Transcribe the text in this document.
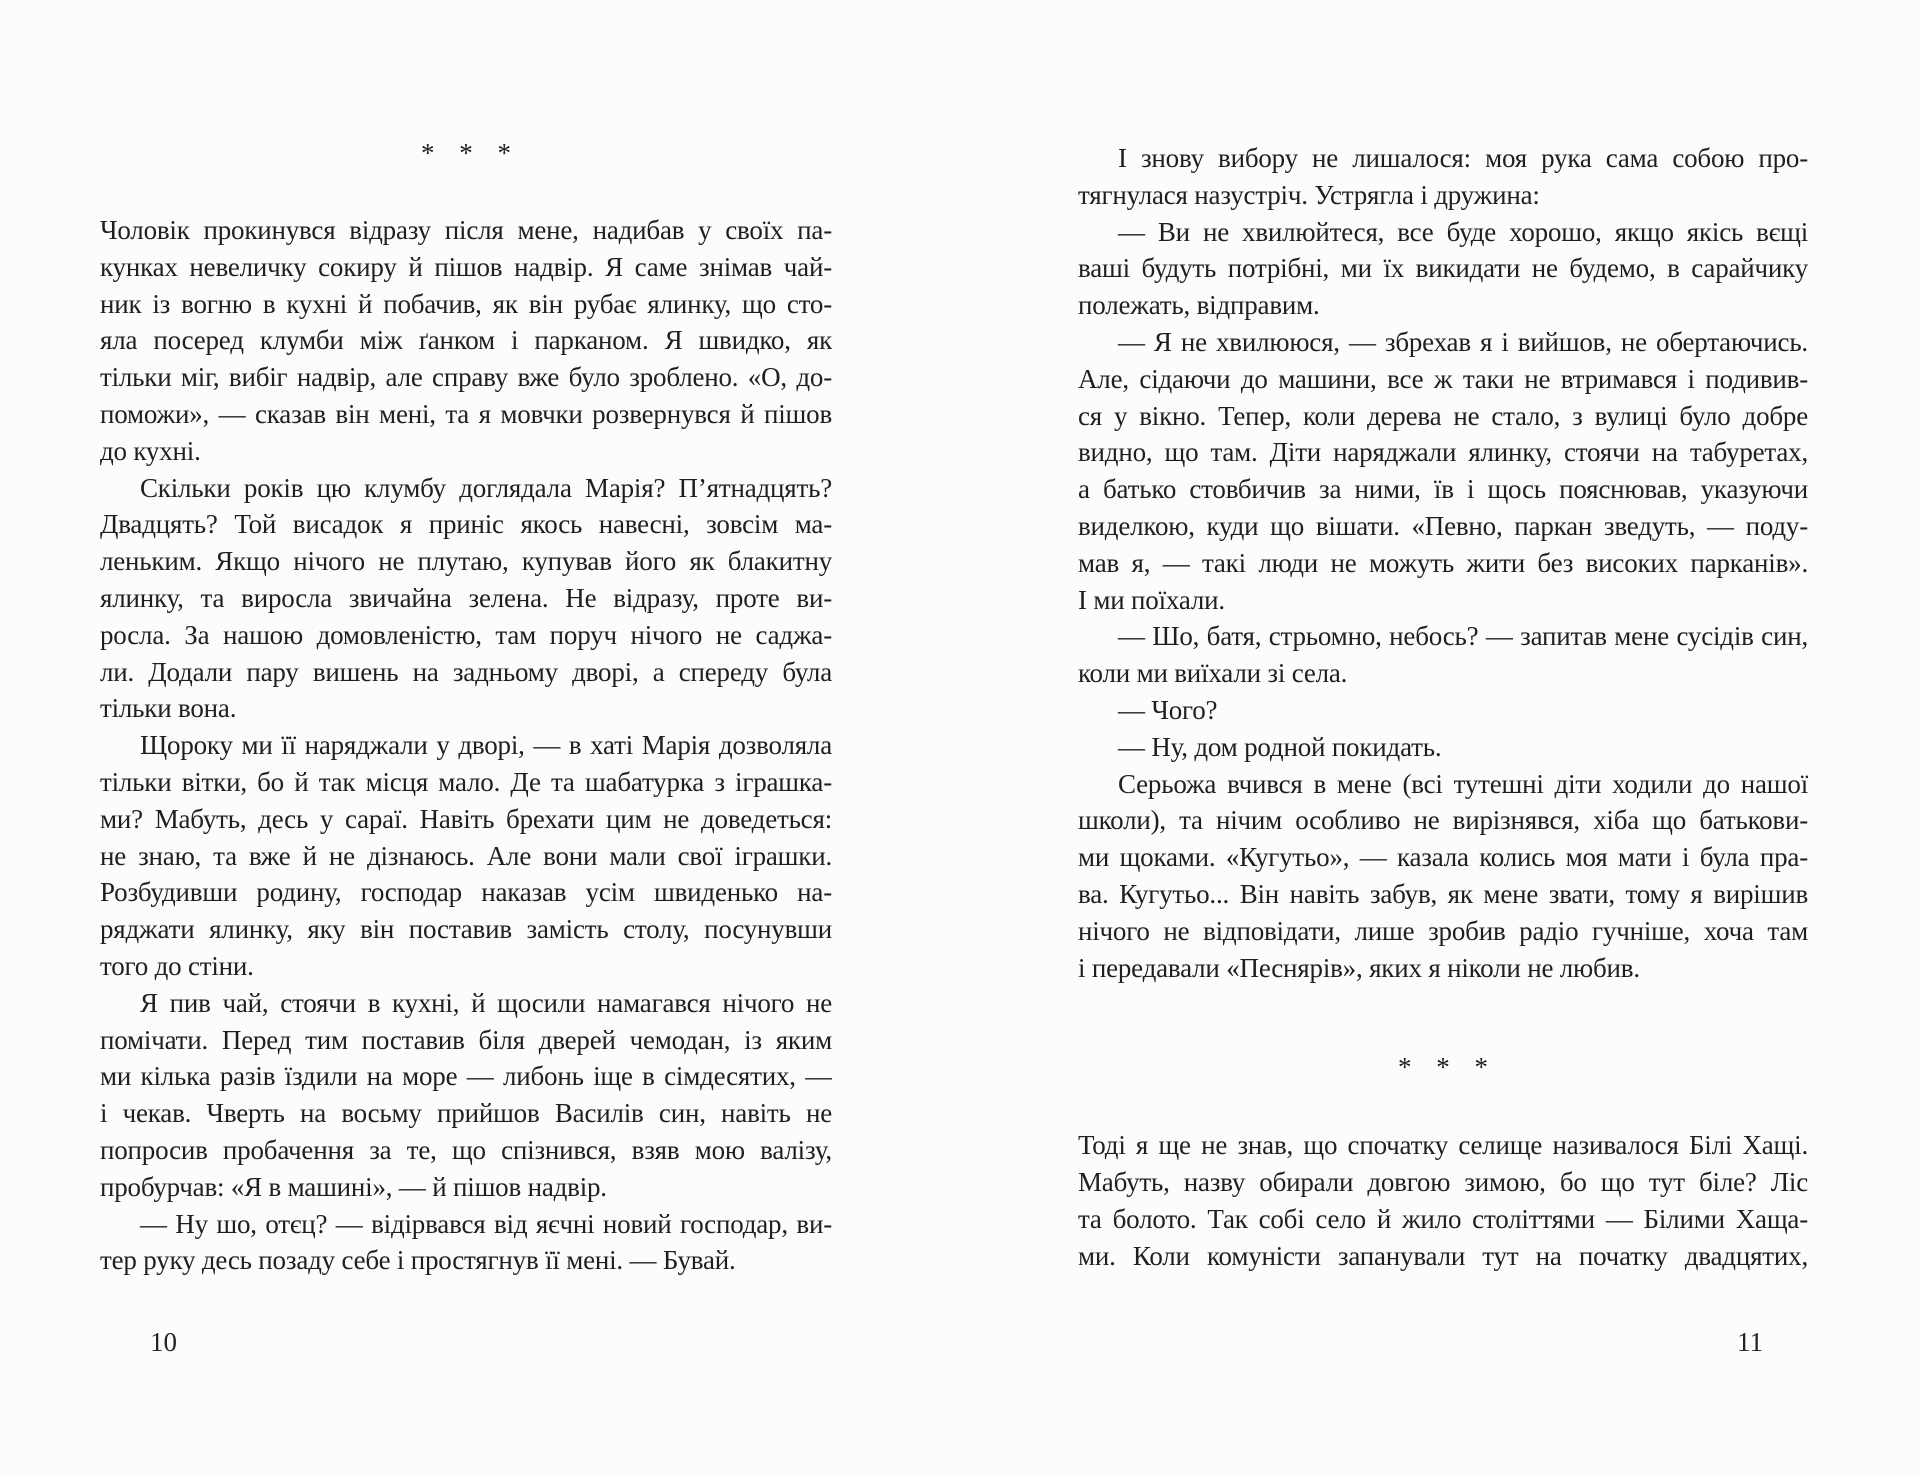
* * *
Чоловік прокинувся відразу після мене, надибав у своїх па-
кунках невеличку сокиру й пішов надвір. Я саме знімав чай-
ник із вогню в кухні й побачив, як він рубає ялинку, що сто-
яла посеред клумби між ґанком і парканом. Я швидко, як
тільки міг, вибіг надвір, але справу вже було зроблено. «О, до-
поможи», — сказав він мені, та я мовчки розвернувся й пішов
до кухні.
Скільки років цю клумбу доглядала Марія? П’ятнадцять?
Двадцять? Той висадок я приніс якось навесні, зовсім ма-
леньким. Якщо нічого не плутаю, купував його як блакитну
ялинку, та виросла звичайна зелена. Не відразу, проте ви-
росла. За нашою домовленістю, там поруч нічого не саджа-
ли. Додали пару вишень на задньому дворі, а спереду була
тільки вона.
Щороку ми її наряджали у дворі, — в хаті Марія дозволяла
тільки вітки, бо й так місця мало. Де та шабатурка з іграшка-
ми? Мабуть, десь у сараї. Навіть брехати цим не доведеться:
не знаю, та вже й не дізнаюсь. Але вони мали свої іграшки.
Розбудивши родину, господар наказав усім швиденько на-
ряджати ялинку, яку він поставив замість столу, посунувши
того до стіни.
Я пив чай, стоячи в кухні, й щосили намагався нічого не
помічати. Перед тим поставив біля дверей чемодан, із яким
ми кілька разів їздили на море — либонь іще в сімдесятих, —
і чекав. Чверть на восьму прийшов Василів син, навіть не
попросив пробачення за те, що спізнився, взяв мою валізу,
пробурчав: «Я в машині», — й пішов надвір.
— Ну шо, отєц? — відірвався від яєчні новий господар, ви-
тер руку десь позаду себе і простягнув її мені. — Бувай.
І знову вибору не лишалося: моя рука сама собою про-
тягнулася назустріч. Устрягла і дружина:
— Ви не хвилюйтеся, все буде хорошо, якщо якісь вєщі
ваші будуть потрібні, ми їх викидати не будемо, в сарайчику
полежать, відправим.
— Я не хвилююся, — збрехав я і вийшов, не обертаючись.
Але, сідаючи до машини, все ж таки не втримався і подивив-
ся у вікно. Тепер, коли дерева не стало, з вулиці було добре
видно, що там. Діти наряджали ялинку, стоячи на табуретах,
а батько стовбичив за ними, їв і щось пояснював, указуючи
виделкою, куди що вішати. «Певно, паркан зведуть, — поду-
мав я, — такі люди не можуть жити без високих парканів».
І ми поїхали.
— Шо, батя, стрьомно, небось? — запитав мене сусідів син,
коли ми виїхали зі села.
— Чого?
— Ну, дом родной покидать.
Серьожа вчився в мене (всі тутешні діти ходили до нашої
школи), та нічим особливо не вирізнявся, хіба що батькови-
ми щоками. «Кугутьо», — казала колись моя мати і була пра-
ва. Кугутьо... Він навіть забув, як мене звати, тому я вирішив
нічого не відповідати, лише зробив радіо гучніше, хоча там
і передавали «Песнярів», яких я ніколи не любив.
* * *
Тоді я ще не знав, що спочатку селище називалося Білі Хащі.
Мабуть, назву обирали довгою зимою, бо що тут біле? Ліс
та болото. Так собі село й жило століттями — Білими Хаща-
ми. Коли комуністи запанували тут на початку двадцятих,
10	11
